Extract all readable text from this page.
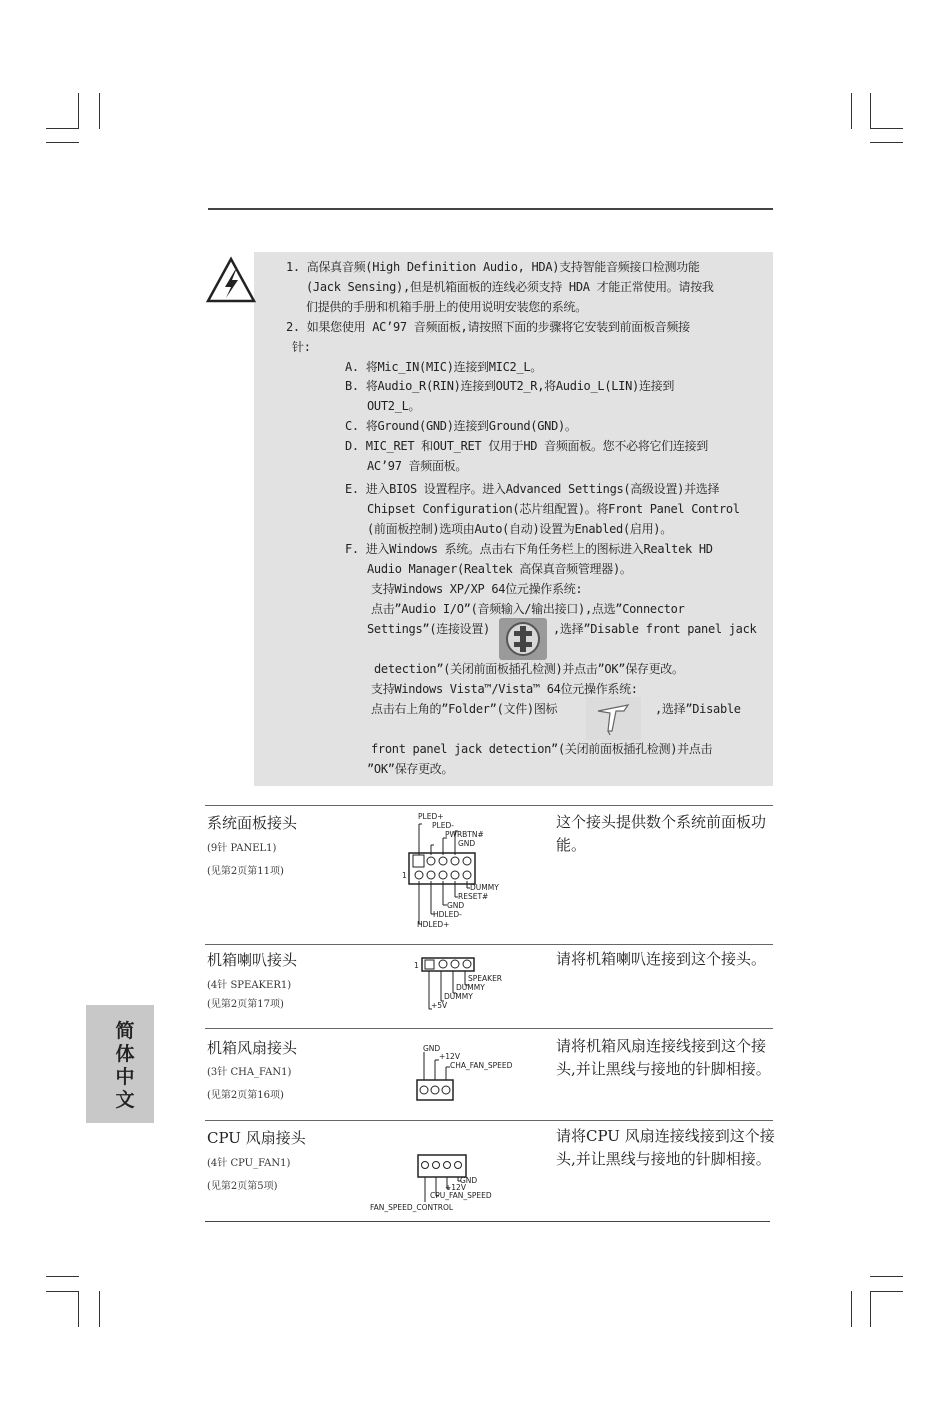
1. 高保真音频(High Definition Audio, HDA)支持智能音频接口检测功能
(Jack Sensing),但是机箱面板的连线必须支持 HDA 才能正常使用。请按我
们提供的手册和机箱手册上的使用说明安装您的系统。
2. 如果您使用 AC’97 音频面板,请按照下面的步骤将它安装到前面板音频接
针:
A. 将Mic_IN(MIC)连接到MIC2_L。
B. 将Audio_R(RIN)连接到OUT2_R,将Audio_L(LIN)连接到
OUT2_L。
C. 将Ground(GND)连接到Ground(GND)。
D. MIC_RET 和OUT_RET 仅用于HD 音频面板。您不必将它们连接到
AC’97 音频面板。
E. 进入BIOS 设置程序。进入Advanced Settings(高级设置)并选择
Chipset Configuration(芯片组配置)。将Front Panel Control
(前面板控制)选项由Auto(自动)设置为Enabled(启用)。
F. 进入Windows 系统。点击右下角任务栏上的图标进入Realtek HD
Audio Manager(Realtek 高保真音频管理器)。
支持Windows XP/XP 64位元操作系统:
点击”Audio I/O”(音频输入/输出接口),点选”Connector
Settings”(连接设置)	,选择”Disable front panel jack
detection”(关闭前面板插孔检测)并点击”OK”保存更改。
支持Windows Vista™/Vista™ 64位元操作系统:
点击右上角的”Folder”(文件)图标	,选择”Disable
front panel jack detection”(关闭前面板插孔检测)并点击
”OK”保存更改。
系统面板接头
(9针 PANEL1)
(见第2页第11项)
这个接头提供数个系统前面板功能。
PLED+
PLED-
PWRBTN#
GND
1
DUMMY
RESET#
GND
HDLED-
HDLED+
机箱喇叭接头
(4针 SPEAKER1)
(见第2页第17项)
请将机箱喇叭连接到这个接头。
1
SPEAKER
DUMMY
DUMMY
+5V
机箱风扇接头
(3针 CHA_FAN1)
(见第2页第16项)
请将机箱风扇连接线接到这个接头,并让黑线与接地的针脚相接。
GND
+12V
CHA_FAN_SPEED
CPU 风扇接头
(4针 CPU_FAN1)
(见第2页第5项)
请将CPU 风扇连接线接到这个接头,并让黑线与接地的针脚相接。
GND
+12V
CPU_FAN_SPEED
FAN_SPEED_CONTROL
简体中文
